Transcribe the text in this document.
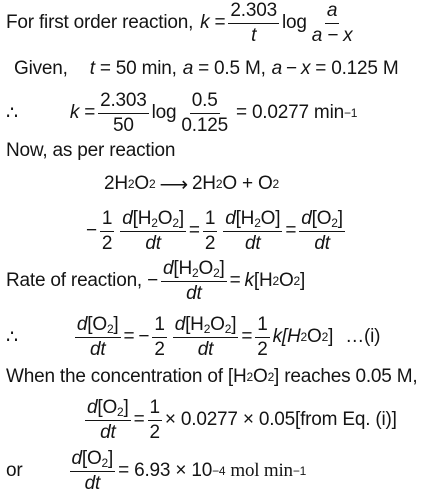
For first order reaction, $k = \frac{2.303}{t}$ $\log \frac{a}{a - x}$
Given, t = 50 min, a = 0.5 M, a − x = 0.125 M
∴	$k = \frac{2.303}{50}$ $\log \frac{0.5}{0.125} = 0.0277$ min −1
Now, as per reaction
2H 2 O 2 ⟶ 2H 2 O + O 2
− $\frac{1}{2} \frac{d[H_2O_2]}{dt} = \frac{1}{2} \frac{d[H_2O]}{dt} = \frac{d[O_2]}{dt}$
Rate of reaction, − $\frac{d[H_2O_2]}{dt} = k$ [H 2 O 2 ]
∴	$\frac{d[O_2]}{dt}$ = − $\frac{1}{2} \frac{d[H_2O_2]}{dt} = \frac{1}{2} k[H$ 2 O 2 ] …(i)
When the concentration of [H 2 O 2 ] reaches 0.05 M,
$\frac{d[O_2]}{dt} = \frac{1}{2} \times 0.0277$ × 0.05[from Eq. (i)]
or $\frac{d[O_2]}{dt} = 6.93 \times 10 -4$ mol min −1
